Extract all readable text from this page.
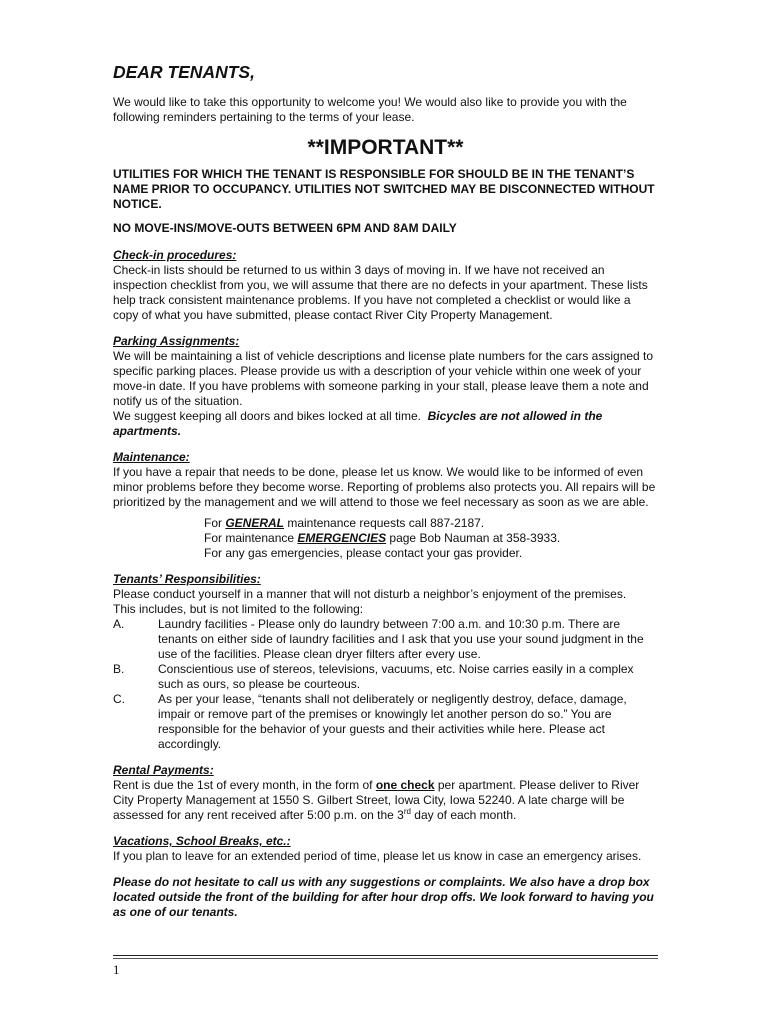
DEAR TENANTS,

We would like to take this opportunity to welcome you! We would also like to provide you with the following reminders pertaining to the terms of your lease.

**IMPORTANT**

UTILITIES FOR WHICH THE TENANT IS RESPONSIBLE FOR SHOULD BE IN THE TENANT’S NAME PRIOR TO OCCUPANCY. UTILITIES NOT SWITCHED MAY BE DISCONNECTED WITHOUT NOTICE.

NO MOVE-INS/MOVE-OUTS BETWEEN 6PM AND 8AM DAILY

Check-in procedures:

Check-in lists should be returned to us within 3 days of moving in. If we have not received an inspection checklist from you, we will assume that there are no defects in your apartment. These lists help track consistent maintenance problems. If you have not completed a checklist or would like a copy of what you have submitted, please contact River City Property Management.

Parking Assignments:

We will be maintaining a list of vehicle descriptions and license plate numbers for the cars assigned to specific parking places. Please provide us with a description of your vehicle within one week of your move-in date. If you have problems with someone parking in your stall, please leave them a note and notify us of the situation.

We suggest keeping all doors and bikes locked at all time. Bicycles are not allowed in the apartments.

Maintenance:

If you have a repair that needs to be done, please let us know. We would like to be informed of even minor problems before they become worse. Reporting of problems also protects you. All repairs will be prioritized by the management and we will attend to those we feel necessary as soon as we are able.

For GENERAL maintenance requests call 887-2187.

For maintenance EMERGENCIES page Bob Nauman at 358-3933.

For any gas emergencies, please contact your gas provider.

Tenants’ Responsibilities:

Please conduct yourself in a manner that will not disturb a neighbor’s enjoyment of the premises.

This includes, but is not limited to the following:

A.	Laundry facilities - Please only do laundry between 7:00 a.m. and 10:30 p.m. There are tenants on either side of laundry facilities and I ask that you use your sound judgment in the use of the facilities. Please clean dryer filters after every use.
B.	Conscientious use of stereos, televisions, vacuums, etc. Noise carries easily in a complex such as ours, so please be courteous.
C.	As per your lease, “tenants shall not deliberately or negligently destroy, deface, damage, impair or remove part of the premises or knowingly let another person do so.” You are responsible for the behavior of your guests and their activities while here. Please act accordingly.
Rental Payments:

Rent is due the 1st of every month, in the form of one check per apartment. Please deliver to River City Property Management at 1550 S. Gilbert Street, Iowa City, Iowa 52240. A late charge will be assessed for any rent received after 5:00 p.m. on the 3rd day of each month.

Vacations, School Breaks, etc.:

If you plan to leave for an extended period of time, please let us know in case an emergency arises.

Please do not hesitate to call us with any suggestions or complaints. We also have a drop box located outside the front of the building for after hour drop offs. We look forward to having you as one of our tenants.

1
